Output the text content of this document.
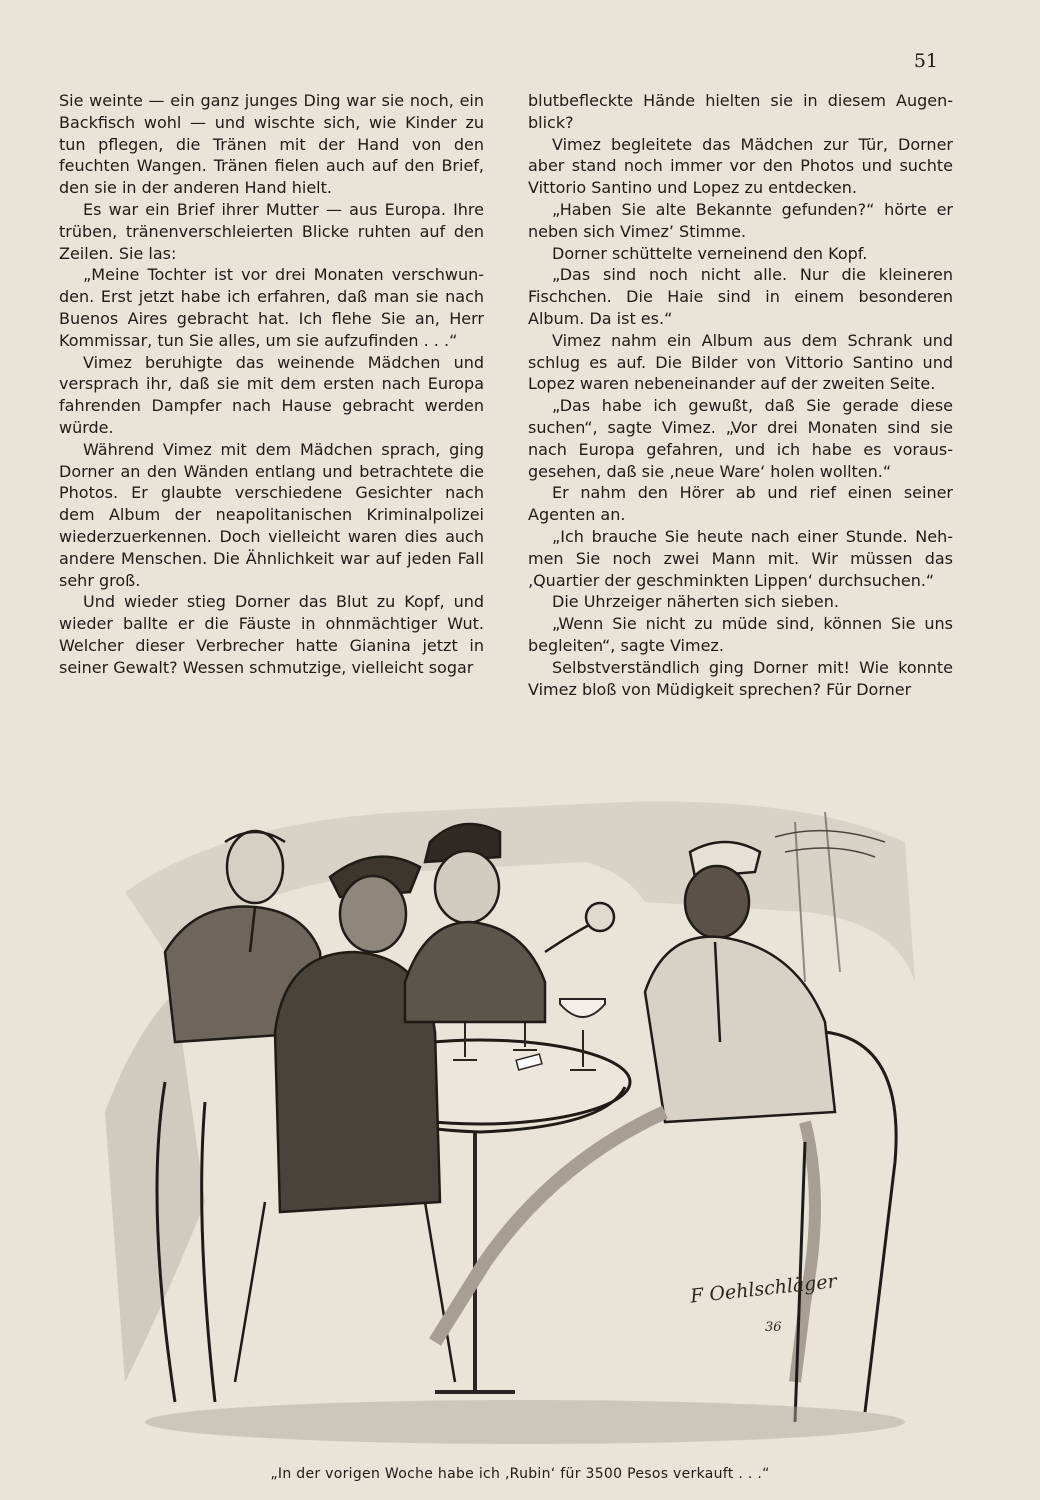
51

Sie weinte — ein ganz junges Ding war sie noch, ein Backfisch wohl — und wischte sich, wie Kinder zu tun pflegen, die Tränen mit der Hand von den feuchten Wangen. Tränen fielen auch auf den Brief, den sie in der anderen Hand hielt.

Es war ein Brief ihrer Mutter — aus Europa. Ihre trüben, tränenverschleierten Blicke ruhten auf den Zeilen. Sie las:

„Meine Tochter ist vor drei Monaten verschwunden. Erst jetzt habe ich erfahren, daß man sie nach Buenos Aires gebracht hat. Ich flehe Sie an, Herr Kommissar, tun Sie alles, um sie aufzufinden . . .“

Vimez beruhigte das weinende Mädchen und versprach ihr, daß sie mit dem ersten nach Europa fahrenden Dampfer nach Hause gebracht werden würde.

Während Vimez mit dem Mädchen sprach, ging Dorner an den Wänden entlang und betrachtete die Photos. Er glaubte verschiedene Gesichter nach dem Album der neapolitanischen Kriminalpolizei wiederzuerkennen. Doch vielleicht waren dies auch andere Menschen. Die Ähnlichkeit war auf jeden Fall sehr groß.

Und wieder stieg Dorner das Blut zu Kopf, und wieder ballte er die Fäuste in ohnmächtiger Wut. Welcher dieser Verbrecher hatte Gianina jetzt in seiner Gewalt? Wessen schmutzige, vielleicht sogar

blutbefleckte Hände hielten sie in diesem Augenblick?

Vimez begleitete das Mädchen zur Tür, Dorner aber stand noch immer vor den Photos und suchte Vittorio Santino und Lopez zu entdecken.

„Haben Sie alte Bekannte gefunden?“ hörte er neben sich Vimez’ Stimme.

Dorner schüttelte verneinend den Kopf.

„Das sind noch nicht alle. Nur die kleineren Fischchen. Die Haie sind in einem besonderen Album. Da ist es.“

Vimez nahm ein Album aus dem Schrank und schlug es auf. Die Bilder von Vittorio Santino und Lopez waren nebeneinander auf der zweiten Seite.

„Das habe ich gewußt, daß Sie gerade diese suchen“, sagte Vimez. „Vor drei Monaten sind sie nach Europa gefahren, und ich habe es vorausgesehen, daß sie ‚neue Ware‘ holen wollten.“

Er nahm den Hörer ab und rief einen seiner Agenten an.

„Ich brauche Sie heute nach einer Stunde. Nehmen Sie noch zwei Mann mit. Wir müssen das ‚Quartier der geschminkten Lippen‘ durchsuchen.“

Die Uhrzeiger näherten sich sieben.

„Wenn Sie nicht zu müde sind, können Sie uns begleiten“, sagte Vimez.

Selbstverständlich ging Dorner mit! Wie konnte Vimez bloß von Müdigkeit sprechen? Für Dorner

F Oehlschläger
36
„In der vorigen Woche habe ich ‚Rubin‘ für 3500 Pesos verkauft . . .“
